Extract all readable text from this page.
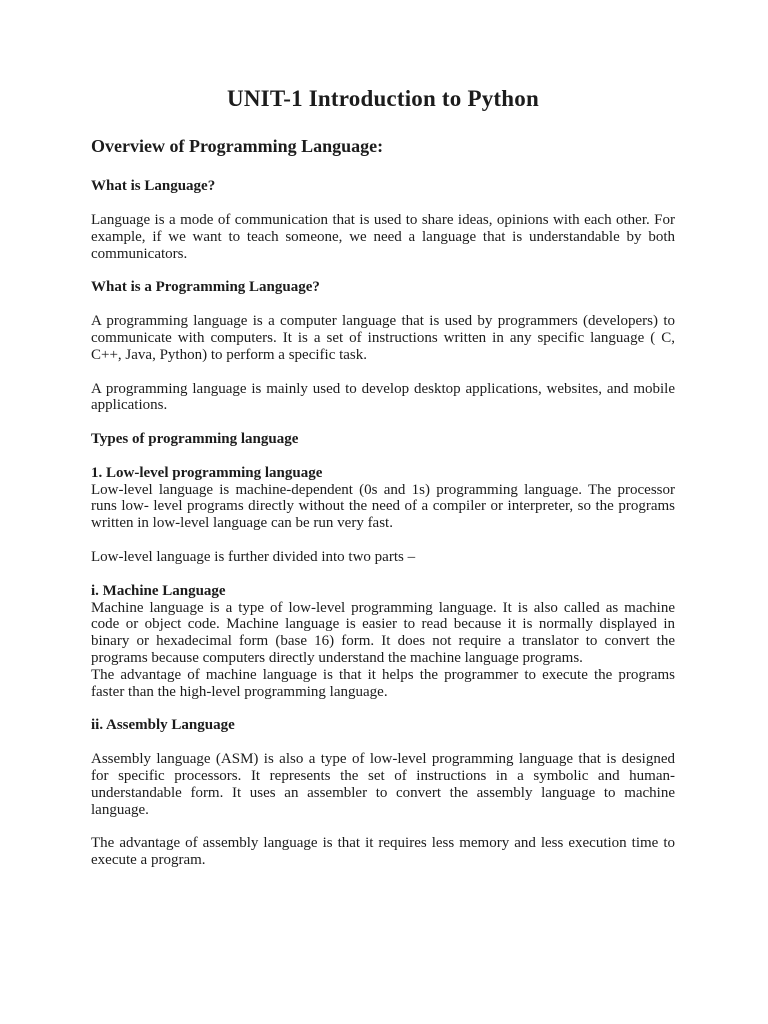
UNIT-1 Introduction to Python
Overview of Programming Language:
What is Language?

Language is a mode of communication that is used to share ideas, opinions with each other. For example, if we want to teach someone, we need a language that is understandable by both communicators.

What is a Programming Language?

A programming language is a computer language that is used by programmers (developers) to communicate with computers. It is a set of instructions written in any specific language ( C, C++, Java, Python) to perform a specific task.

A programming language is mainly used to develop desktop applications, websites, and mobile applications.

Types of programming language
1. Low-level programming language

Low-level language is machine-dependent (0s and 1s) programming language. The processor runs low- level programs directly without the need of a compiler or interpreter, so the programs written in low-level language can be run very fast.

Low-level language is further divided into two parts –

i. Machine Language

Machine language is a type of low-level programming language. It is also called as machine code or object code. Machine language is easier to read because it is normally displayed in binary or hexadecimal form (base 16) form. It does not require a translator to convert the programs because computers directly understand the machine language programs.

The advantage of machine language is that it helps the programmer to execute the programs faster than the high-level programming language.

ii. Assembly Language

Assembly language (ASM) is also a type of low-level programming language that is designed for specific processors. It represents the set of instructions in a symbolic and human- understandable form. It uses an assembler to convert the assembly language to machine language.

The advantage of assembly language is that it requires less memory and less execution time to execute a program.
